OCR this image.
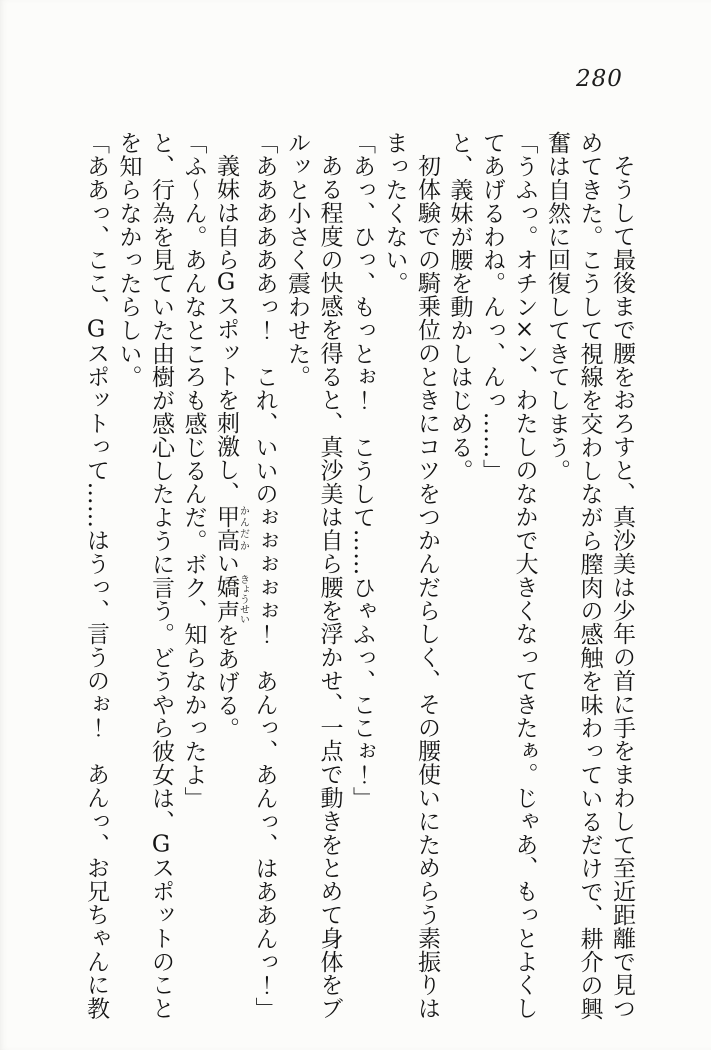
280

そうして最後まで腰をおろすと、真沙美は少年の首に手をまわして至近距離で見つめてきた。こうして視線を交わしながら膣肉の感触を味わっているだけで、耕介の興奮は自然に回復してきてしまう。

「うふっ。オチン×ン、わたしのなかで大きくなってきたぁ。じゃあ、もっとよくしてあげるわね。んっ、んっ……」

と、義妹が腰を動かしはじめる。

初体験での騎乗位のときにコツをつかんだらしく、その腰使いにためらう素振りはまったくない。

「あっ、ひっ、もっとぉ！　こうして……ひゃふっ、ここぉ！」

ある程度の快感を得ると、真沙美は自ら腰を浮かせ、一点で動きをとめて身体をブルッと小さく震わせた。

「ああああああっ！　これ、いいのぉぉぉぉぉ！　あんっ、あんっ、はああんっ！」

義妹は自らGスポットを刺激し、甲高かんだかい嬌声きょうせいをあげる。

「ふ〜ん。あんなところも感じるんだ。ボク、知らなかったよ」

と、行為を見ていた由樹が感心したように言う。どうやら彼女は、Gスポットのことを知らなかったらしい。

「ああっ、ここ、Gスポットって……はうっ、言うのぉ！　あんっ、お兄ちゃんに教
